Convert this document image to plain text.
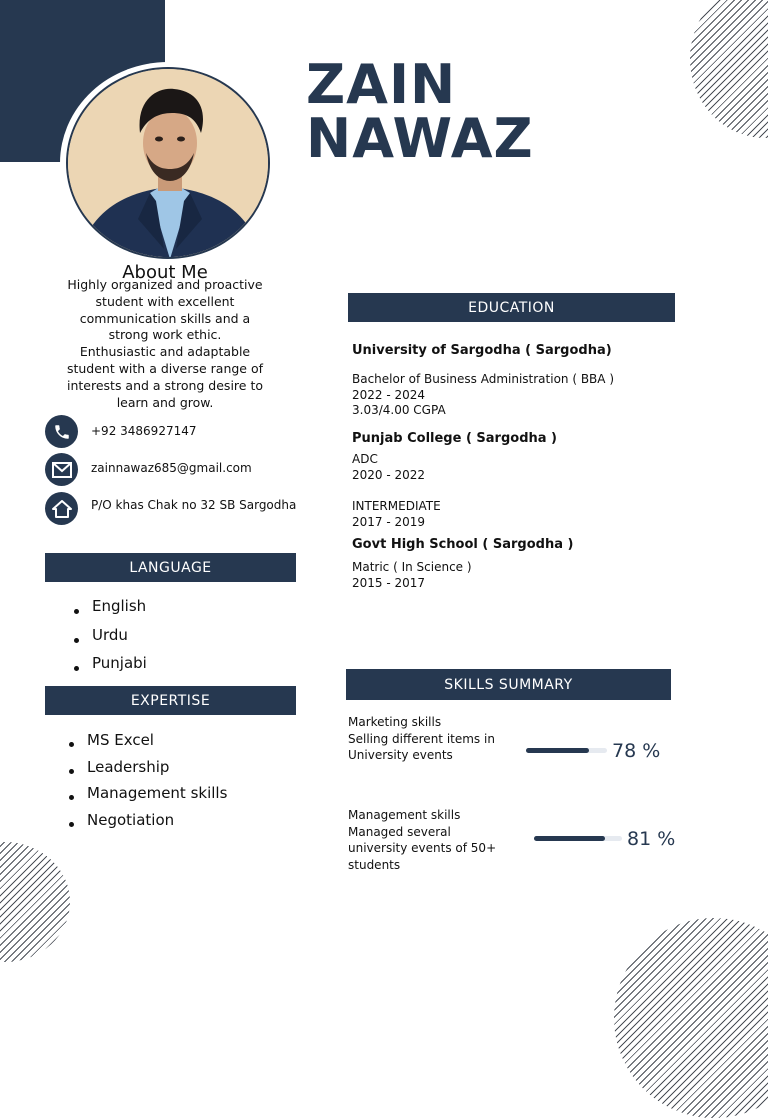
ZAIN
NAWAZ
About Me
Highly organized and proactive
student with excellent
communication skills and a
strong work ethic.
Enthusiastic and adaptable
student with a diverse range of
interests and a strong desire to
learn and grow.
+92 3486927147
zainnawaz685@gmail.com
P/O khas Chak no 32 SB Sargodha
LANGUAGE
English
Urdu
Punjabi
EXPERTISE
MS Excel
Leadership
Management skills
Negotiation
EDUCATION
University of Sargodha ( Sargodha)
Bachelor of Business Administration ( BBA )
2022 - 2024
3.03/4.00 CGPA
Punjab College ( Sargodha )
ADC
2020 - 2022
INTERMEDIATE
2017 - 2019
Govt High School ( Sargodha )
Matric ( In Science )
2015 - 2017
SKILLS SUMMARY
Marketing skills
Selling different items in
University events	78 %
Management skills
Managed several
university events of 50+
students
81 %
